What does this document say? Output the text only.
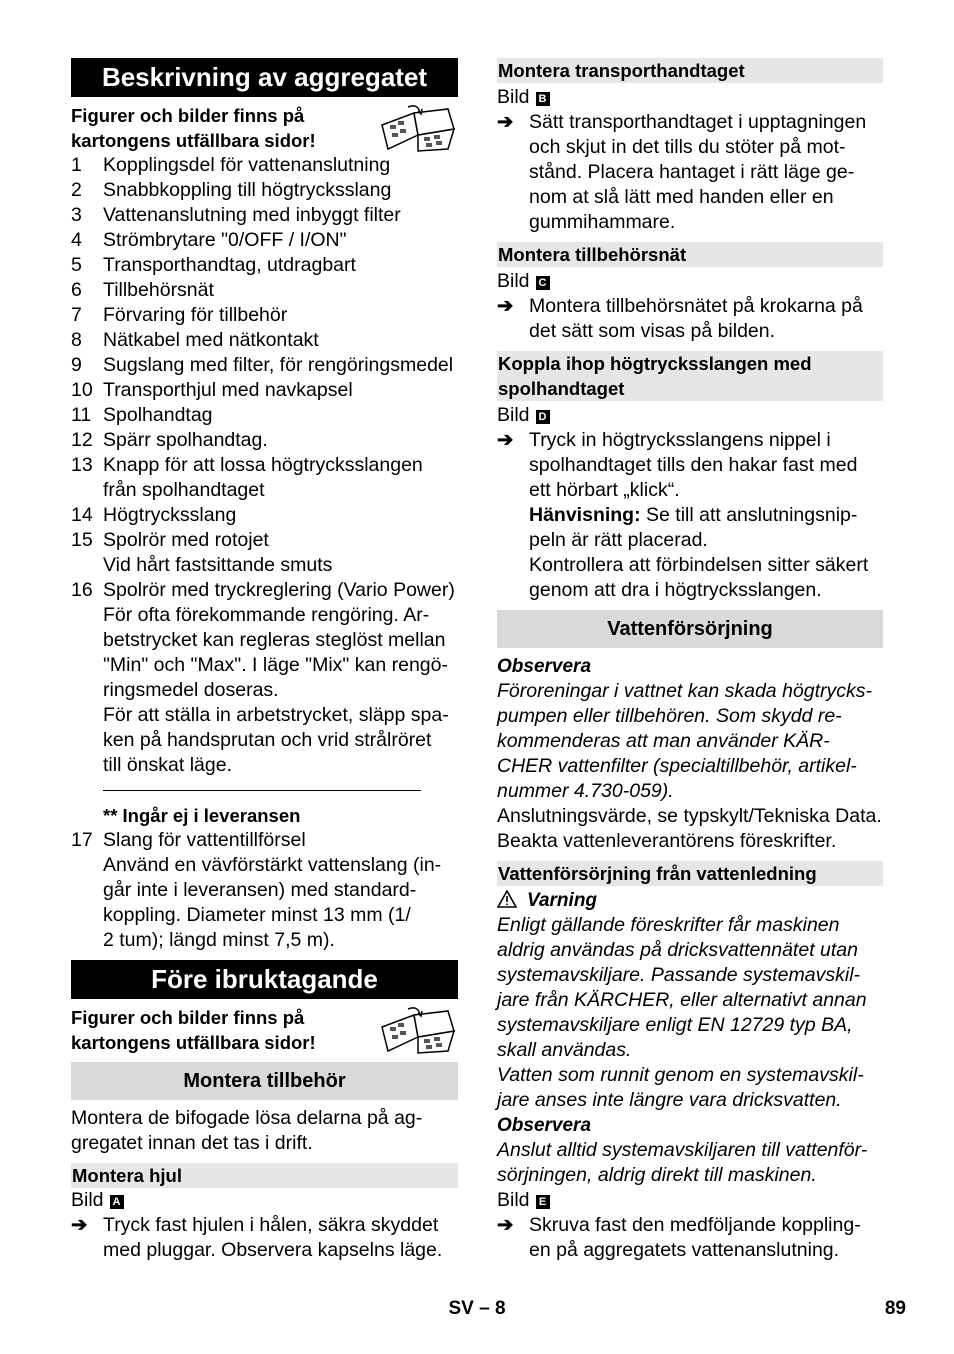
Beskrivning av aggregatet
Figurer och bilder finns på
kartongens utfällbara sidor!
1	Kopplingsdel för vattenanslutning
2	Snabbkoppling till högtrycksslang
3	Vattenanslutning med inbyggt filter
4	Strömbrytare "0/OFF / I/ON"
5	Transporthandtag, utdragbart
6	Tillbehörsnät
7	Förvaring för tillbehör
8	Nätkabel med nätkontakt
9	Sugslang med filter, för rengöringsmedel
10 Transporthjul med navkapsel
11 Spolhandtag
12 Spärr spolhandtag.
13 Knapp för att lossa högtrycksslangen
från spolhandtaget
14 Högtrycksslang
15 Spolrör med rotojet
Vid hårt fastsittande smuts
16 Spolrör med tryckreglering (Vario Power)
För ofta förekommande rengöring. Ar-
betstrycket kan regleras steglöst mellan
"Min" och "Max". I läge "Mix" kan rengö-
ringsmedel doseras.
För att ställa in arbetstrycket, släpp spa-
ken på handsprutan och vrid strålröret
till önskat läge.
** Ingår ej i leveransen
17 Slang för vattentillförsel
Använd en vävförstärkt vattenslang (in-
går inte i leveransen) med standard-
koppling. Diameter minst 13 mm (1/
2 tum); längd minst 7,5 m).
Före ibruktagande
Figurer och bilder finns på
kartongens utfällbara sidor!
Montera tillbehör
Montera de bifogade lösa delarna på ag-
gregatet innan det tas i drift.
Montera hjul
Bild A
➔ Tryck fast hjulen i hålen, säkra skyddet
med pluggar. Observera kapselns läge.
Montera transporthandtaget
Bild B
➔ Sätt transporthandtaget i upptagningen
och skjut in det tills du stöter på mot-
stånd. Placera hantaget i rätt läge ge-
nom at slå lätt med handen eller en
gummihammare.
Montera tillbehörsnät
Bild C
➔ Montera tillbehörsnätet på krokarna på
det sätt som visas på bilden.
Koppla ihop högtrycksslangen med
spolhandtaget
Bild D
➔ Tryck in högtrycksslangens nippel i
spolhandtaget tills den hakar fast med
ett hörbart „klick“.
Hänvisning: Se till att anslutningsnip-
peln är rätt placerad.
Kontrollera att förbindelsen sitter säkert
genom att dra i högtrycksslangen.
Vattenförsörjning
Observera
Föroreningar i vattnet kan skada högtrycks-
pumpen eller tillbehören. Som skydd re-
kommenderas att man använder KÄR-
CHER vattenfilter (specialtillbehör, artikel-
nummer 4.730-059).
Anslutningsvärde, se typskylt/Tekniska Data.
Beakta vattenleverantörens föreskrifter.
Vattenförsörjning från vattenledning
Varning
Enligt gällande föreskrifter får maskinen
aldrig användas på dricksvattennätet utan
systemavskiljare. Passande systemavskil-
jare från KÄRCHER, eller alternativt annan
systemavskiljare enligt EN 12729 typ BA,
skall användas.
Vatten som runnit genom en systemavskil-
jare anses inte längre vara dricksvatten.
Observera
Anslut alltid systemavskiljaren till vattenför-
sörjningen, aldrig direkt till maskinen.
Bild E
➔ Skruva fast den medföljande koppling-
en på aggregatets vattenanslutning.
SV – 8	89
